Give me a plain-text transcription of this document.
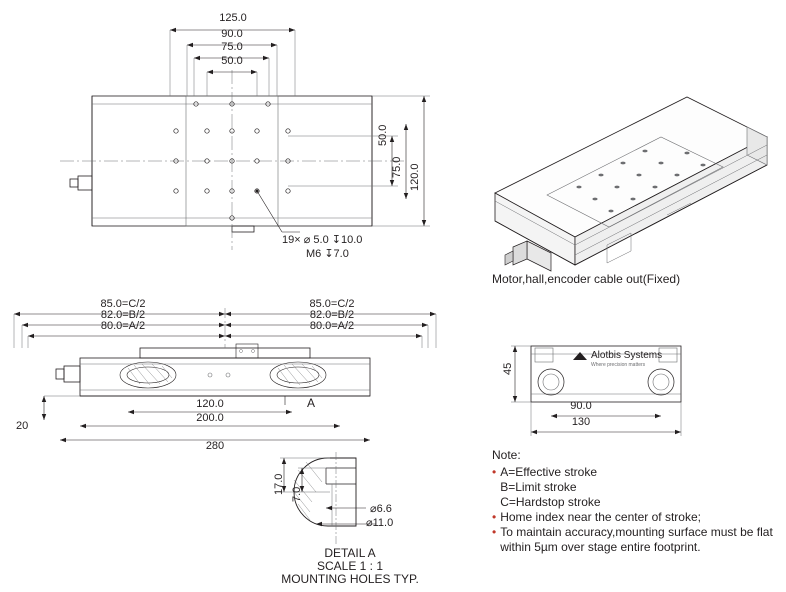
125.0
90.0
75.0
50.0
50.0
75.0 120.0
19× ⌀ 5.0 ↧10.0
M6 ↧7.0
Motor,hall,encoder cable out(Fixed)
85.0=C/2
82.0=B/2
80.0=A/2
85.0=C/2
82.0=B/2
80.0=A/2
120.0
200.0
280
20
A
Alotbis Systems
Where precision matters
45
90.0
130
17.0 7.0
⌀6.6
⌀11.0
DETAIL A
SCALE 1 : 1
MOUNTING HOLES TYP.
Note:
• A=Effective stroke
B=Limit stroke
C=Hardstop stroke
• Home index near the center of stroke;
• To maintain accuracy,mounting surface must be flat within 5µm over stage entire footprint.
